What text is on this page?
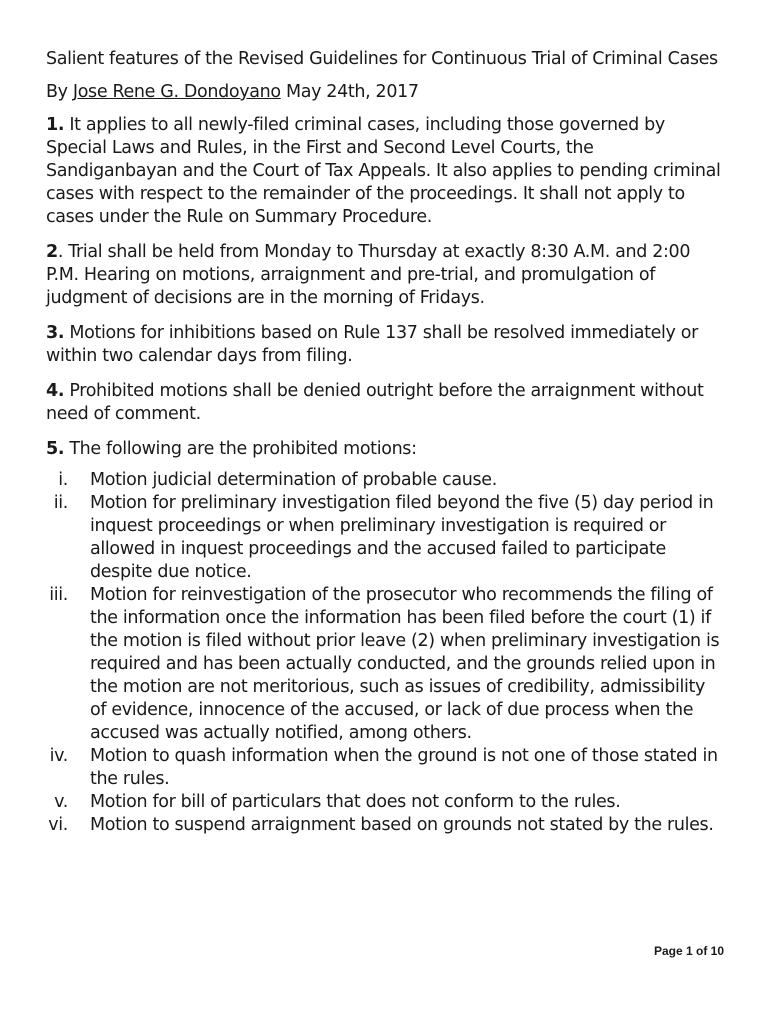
Salient features of the Revised Guidelines for Continuous Trial of Criminal Cases

By Jose Rene G. Dondoyano May 24th, 2017

1. It applies to all newly-filed criminal cases, including those governed by Special Laws and Rules, in the First and Second Level Courts, the Sandiganbayan and the Court of Tax Appeals. It also applies to pending criminal cases with respect to the remainder of the proceedings. It shall not apply to cases under the Rule on Summary Procedure.

2. Trial shall be held from Monday to Thursday at exactly 8:30 A.M. and 2:00 P.M. Hearing on motions, arraignment and pre-trial, and promulgation of judgment of decisions are in the morning of Fridays.

3. Motions for inhibitions based on Rule 137 shall be resolved immediately or within two calendar days from filing.

4. Prohibited motions shall be denied outright before the arraignment without need of comment.

5. The following are the prohibited motions:

i. Motion judicial determination of probable cause.
ii. Motion for preliminary investigation filed beyond the five (5) day period in inquest proceedings or when preliminary investigation is required or allowed in inquest proceedings and the accused failed to participate despite due notice.
iii. Motion for reinvestigation of the prosecutor who recommends the filing of the information once the information has been filed before the court (1) if the motion is filed without prior leave (2) when preliminary investigation is required and has been actually conducted, and the grounds relied upon in the motion are not meritorious, such as issues of credibility, admissibility of evidence, innocence of the accused, or lack of due process when the accused was actually notified, among others.
iv. Motion to quash information when the ground is not one of those stated in the rules.
v. Motion for bill of particulars that does not conform to the rules.
vi. Motion to suspend arraignment based on grounds not stated by the rules.
Page 1 of 10
